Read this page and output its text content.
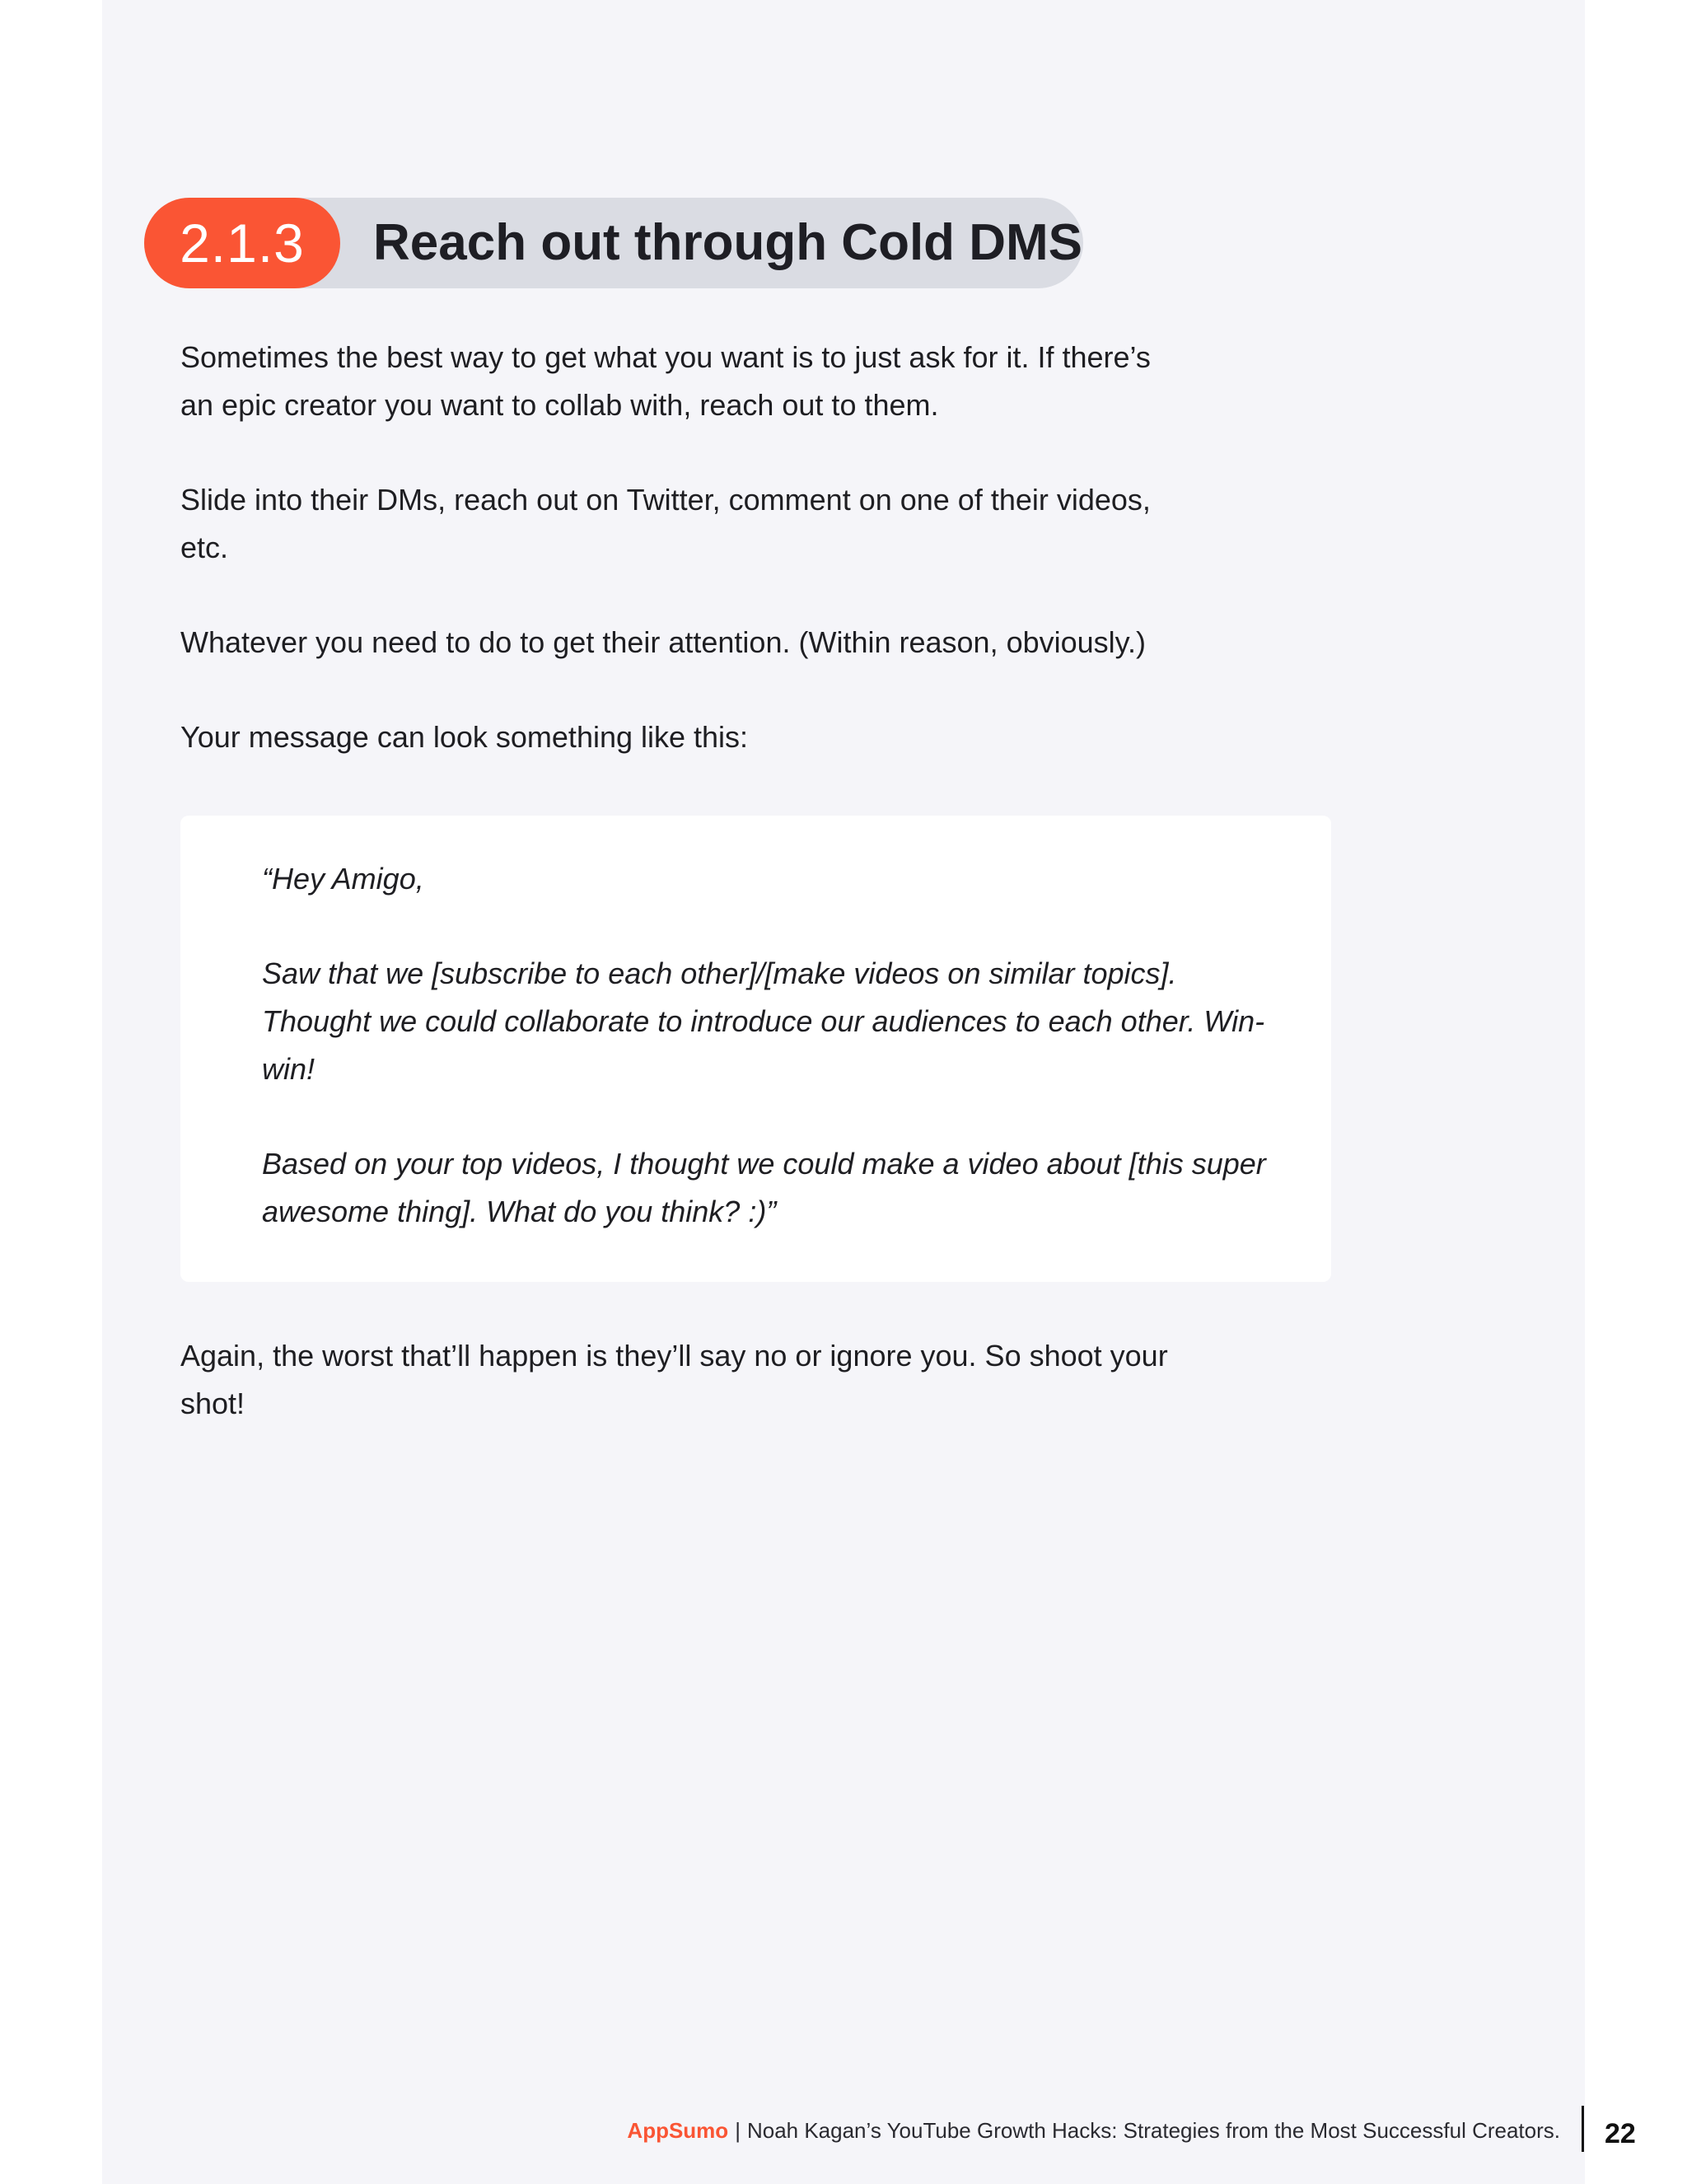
2.1.3	Reach out through Cold DMS

Sometimes the best way to get what you want is to just ask for it. If there’s

an epic creator you want to collab with, reach out to them.

Slide into their DMs, reach out on Twitter, comment on one of their videos,

etc.

Whatever you need to do to get their attention. (Within reason, obviously.)

Your message can look something like this:

“Hey Amigo,

Saw that we [subscribe to each other]/[make videos on similar topics].

Thought we could collaborate to introduce our audiences to each other. Win-

win!

Based on your top videos, I thought we could make a video about [this super

awesome thing]. What do you think? :)”

Again, the worst that’ll happen is they’ll say no or ignore you. So shoot your

shot!

AppSumo | Noah Kagan’s YouTube Growth Hacks: Strategies from the Most Successful Creators. 22
